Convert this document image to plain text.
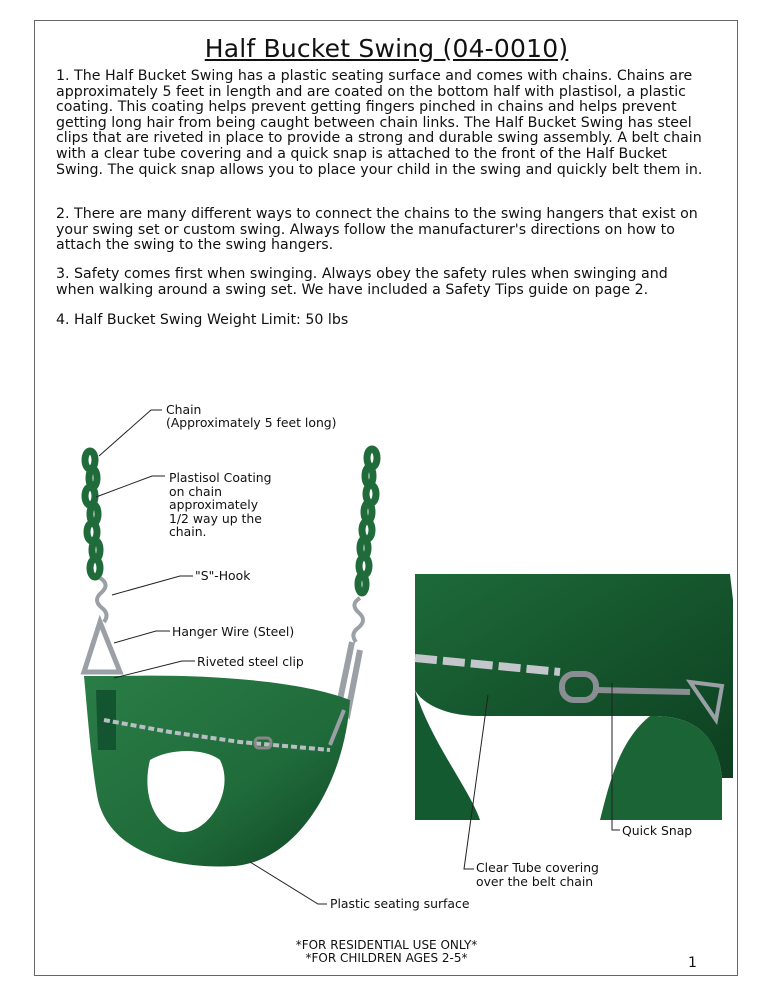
Half Bucket Swing (04-0010)

1. The Half Bucket Swing has a plastic seating surface and comes with chains. Chains are approximately 5 feet in length and are coated on the bottom half with plastisol, a plastic coating. This coating helps prevent getting fingers pinched in chains and helps prevent getting long hair from being caught between chain links. The Half Bucket Swing has steel clips that are riveted in place to provide a strong and durable swing assembly. A belt chain with a clear tube covering and a quick snap is attached to the front of the Half Bucket Swing. The quick snap allows you to place your child in the swing and quickly belt them in.

2. There are many different ways to connect the chains to the swing hangers that exist on your swing set or custom swing. Always follow the manufacturer's directions on how to attach the swing to the swing hangers.

3. Safety comes first when swinging. Always obey the safety rules when swinging and when walking around a swing set. We have included a Safety Tips guide on page 2.

4. Half Bucket Swing Weight Limit: 50 lbs

Chain

(Approximately 5 feet long)

Plastisol Coating on chain approximately 1/2 way up the chain.

"S"-Hook

Hanger Wire (Steel)

Riveted steel clip

Quick Snap

Clear Tube covering over the belt chain

Plastic seating surface

*FOR RESIDENTIAL USE ONLY*
*FOR CHILDREN AGES 2-5*	1
